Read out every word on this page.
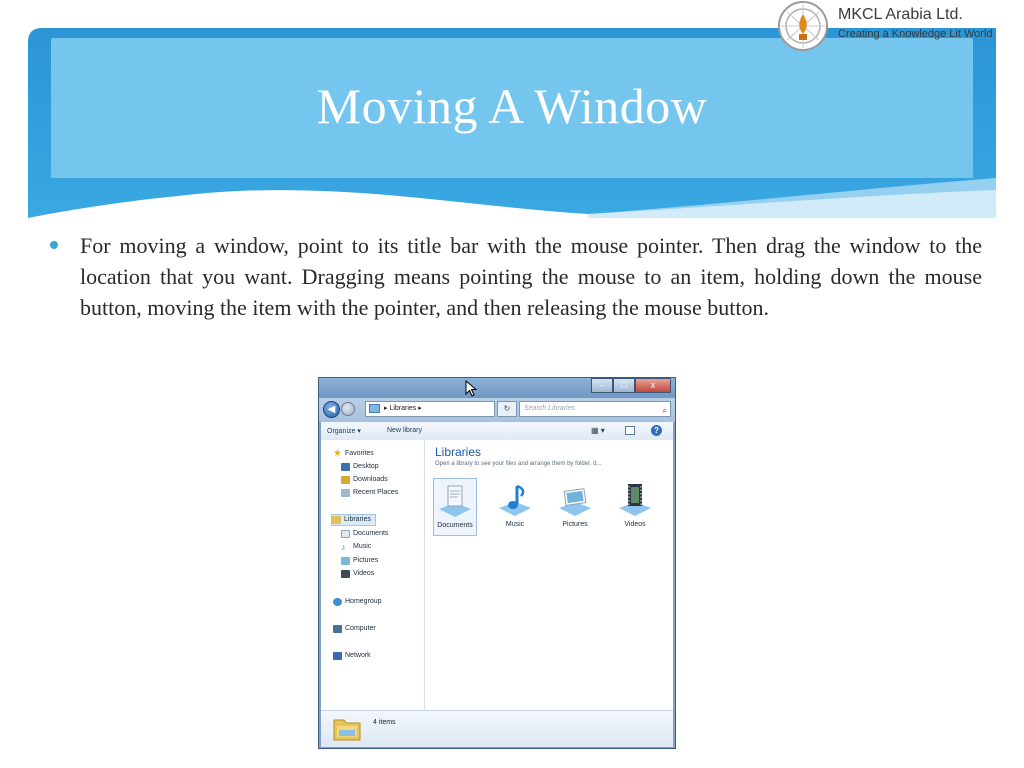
Moving A Window
MKCL Arabia Ltd.
Creating a Knowledge Lit World
For moving a window, point to its title bar with the mouse pointer. Then drag the window to the location that you want. Dragging means pointing the mouse to an item, holding down the mouse button, moving the item with the pointer, and then releasing the mouse button.
–	□	x
◀	▸ Libraries ▸	↻	Search Libraries	⌕
Organize ▾	New library	▦ ▾	?
★ Favorites
Desktop
Downloads
Recent Places
Libraries
Documents
♪	Music
Pictures
Videos
Homegroup
Computer
Network
Libraries
Open a library to see your files and arrange them by folder, d...
Documents	Music	Pictures	Videos
4 items
